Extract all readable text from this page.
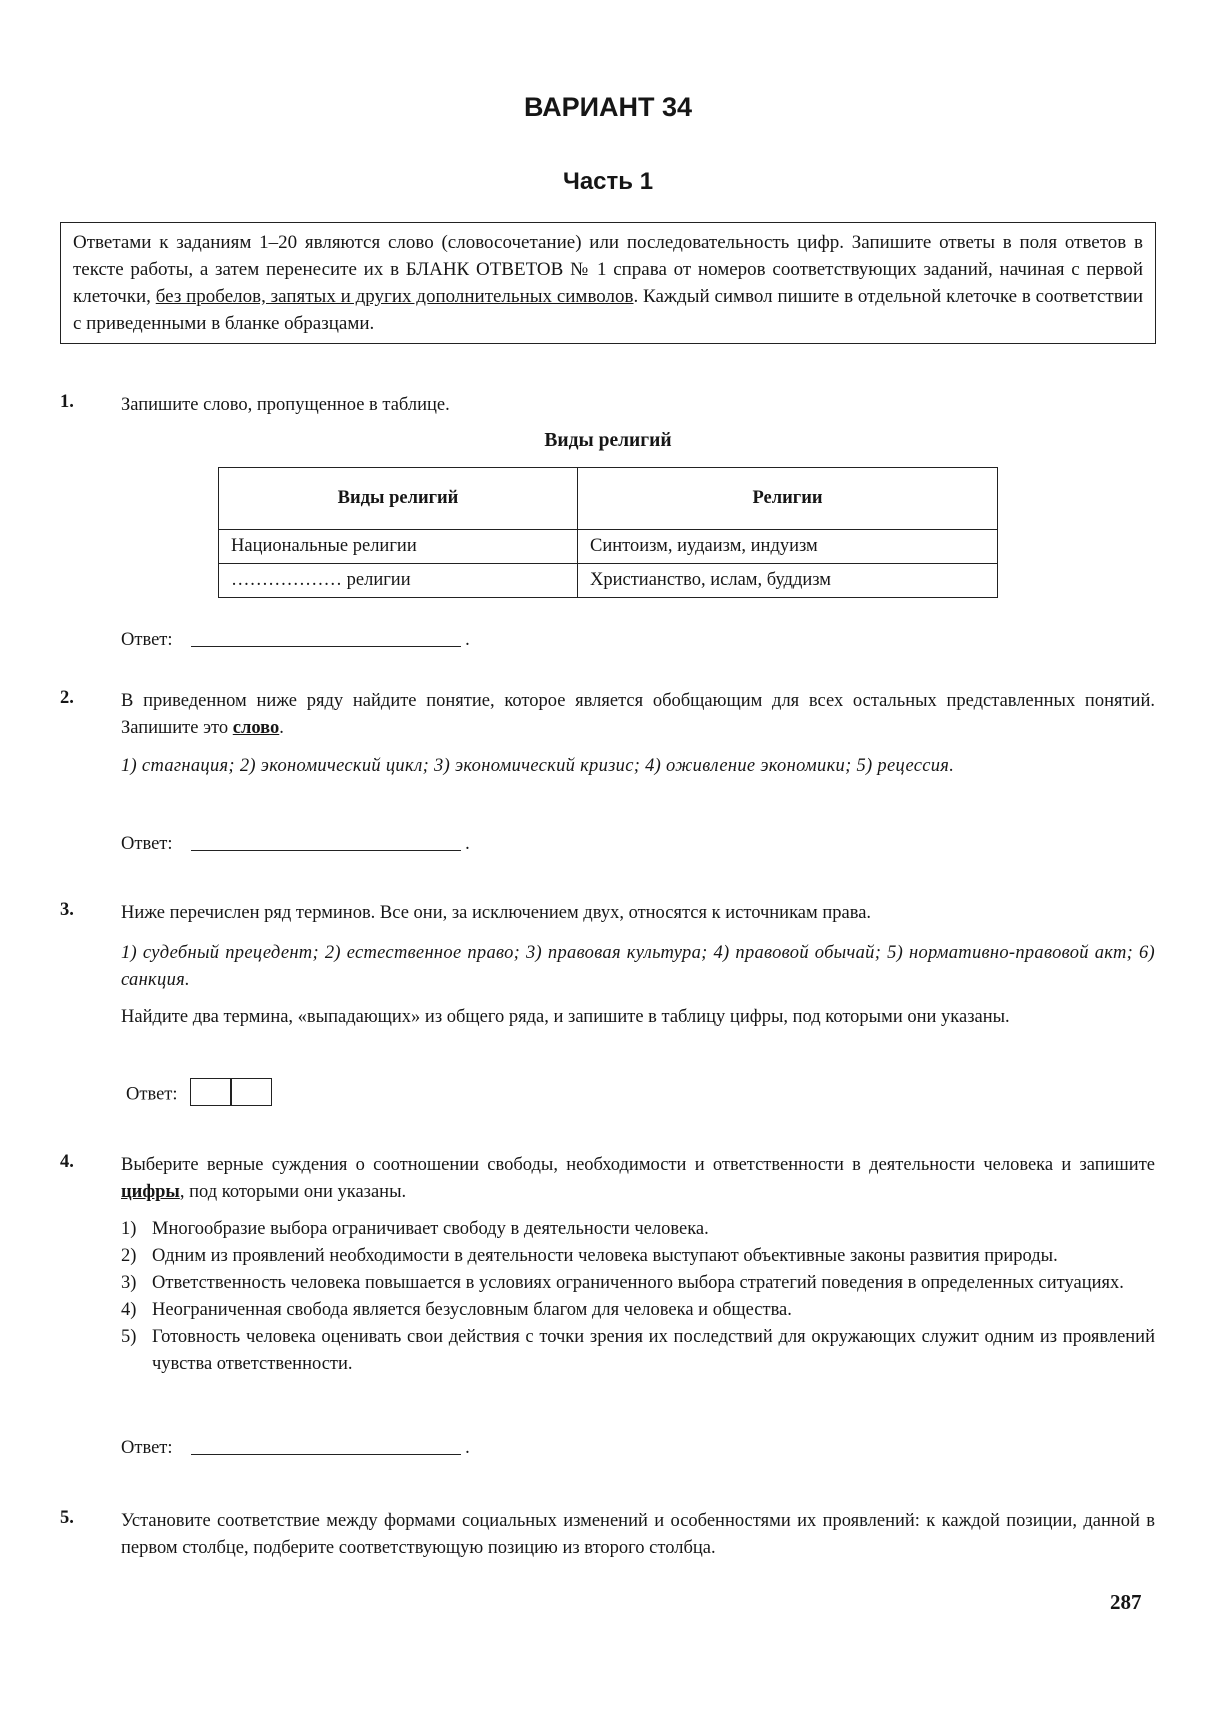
ВАРИАНТ 34
Часть 1
Ответами к заданиям 1–20 являются слово (словосочетание) или последовательность цифр. Запишите ответы в поля ответов в тексте работы, а затем перенесите их в БЛАНК ОТВЕТОВ № 1 справа от номеров соответствующих заданий, начиная с первой клеточки, без пробелов, запятых и других дополнительных символов. Каждый символ пишите в отдельной клеточке в соответствии с приведенными в бланке образцами.
1.	Запишите слово, пропущенное в таблице.
Виды религий
Виды религий	Религии
Национальные религии	Синтоизм, иудаизм, индуизм
……………… религии	Христианство, ислам, буддизм
Ответ:	.
2.	В приведенном ниже ряду найдите понятие, которое является обобщающим для всех остальных представленных понятий. Запишите это слово.
1) стагнация; 2) экономический цикл; 3) экономический кризис; 4) оживление экономики; 5) рецессия.
Ответ:	.
3.	Ниже перечислен ряд терминов. Все они, за исключением двух, относятся к источникам права.
1) судебный прецедент; 2) естественное право; 3) правовая культура; 4) правовой обычай; 5) нормативно-правовой акт; 6) санкция.
Найдите два термина, «выпадающих» из общего ряда, и запишите в таблицу цифры, под которыми они указаны.
Ответ:
4.	Выберите верные суждения о соотношении свободы, необходимости и ответственности в деятельности человека и запишите цифры, под которыми они указаны.
1) Многообразие выбора ограничивает свободу в деятельности человека.
2) Одним из проявлений необходимости в деятельности человека выступают объективные законы развития природы.
3) Ответственность человека повышается в условиях ограниченного выбора стратегий поведения в определенных ситуациях.
4) Неограниченная свобода является безусловным благом для человека и общества.
5) Готовность человека оценивать свои действия с точки зрения их последствий для окружающих служит одним из проявлений чувства ответственности.
Ответ:	.
5.	Установите соответствие между формами социальных изменений и особенностями их проявлений: к каждой позиции, данной в первом столбце, подберите соответствующую позицию из второго столбца.
287
